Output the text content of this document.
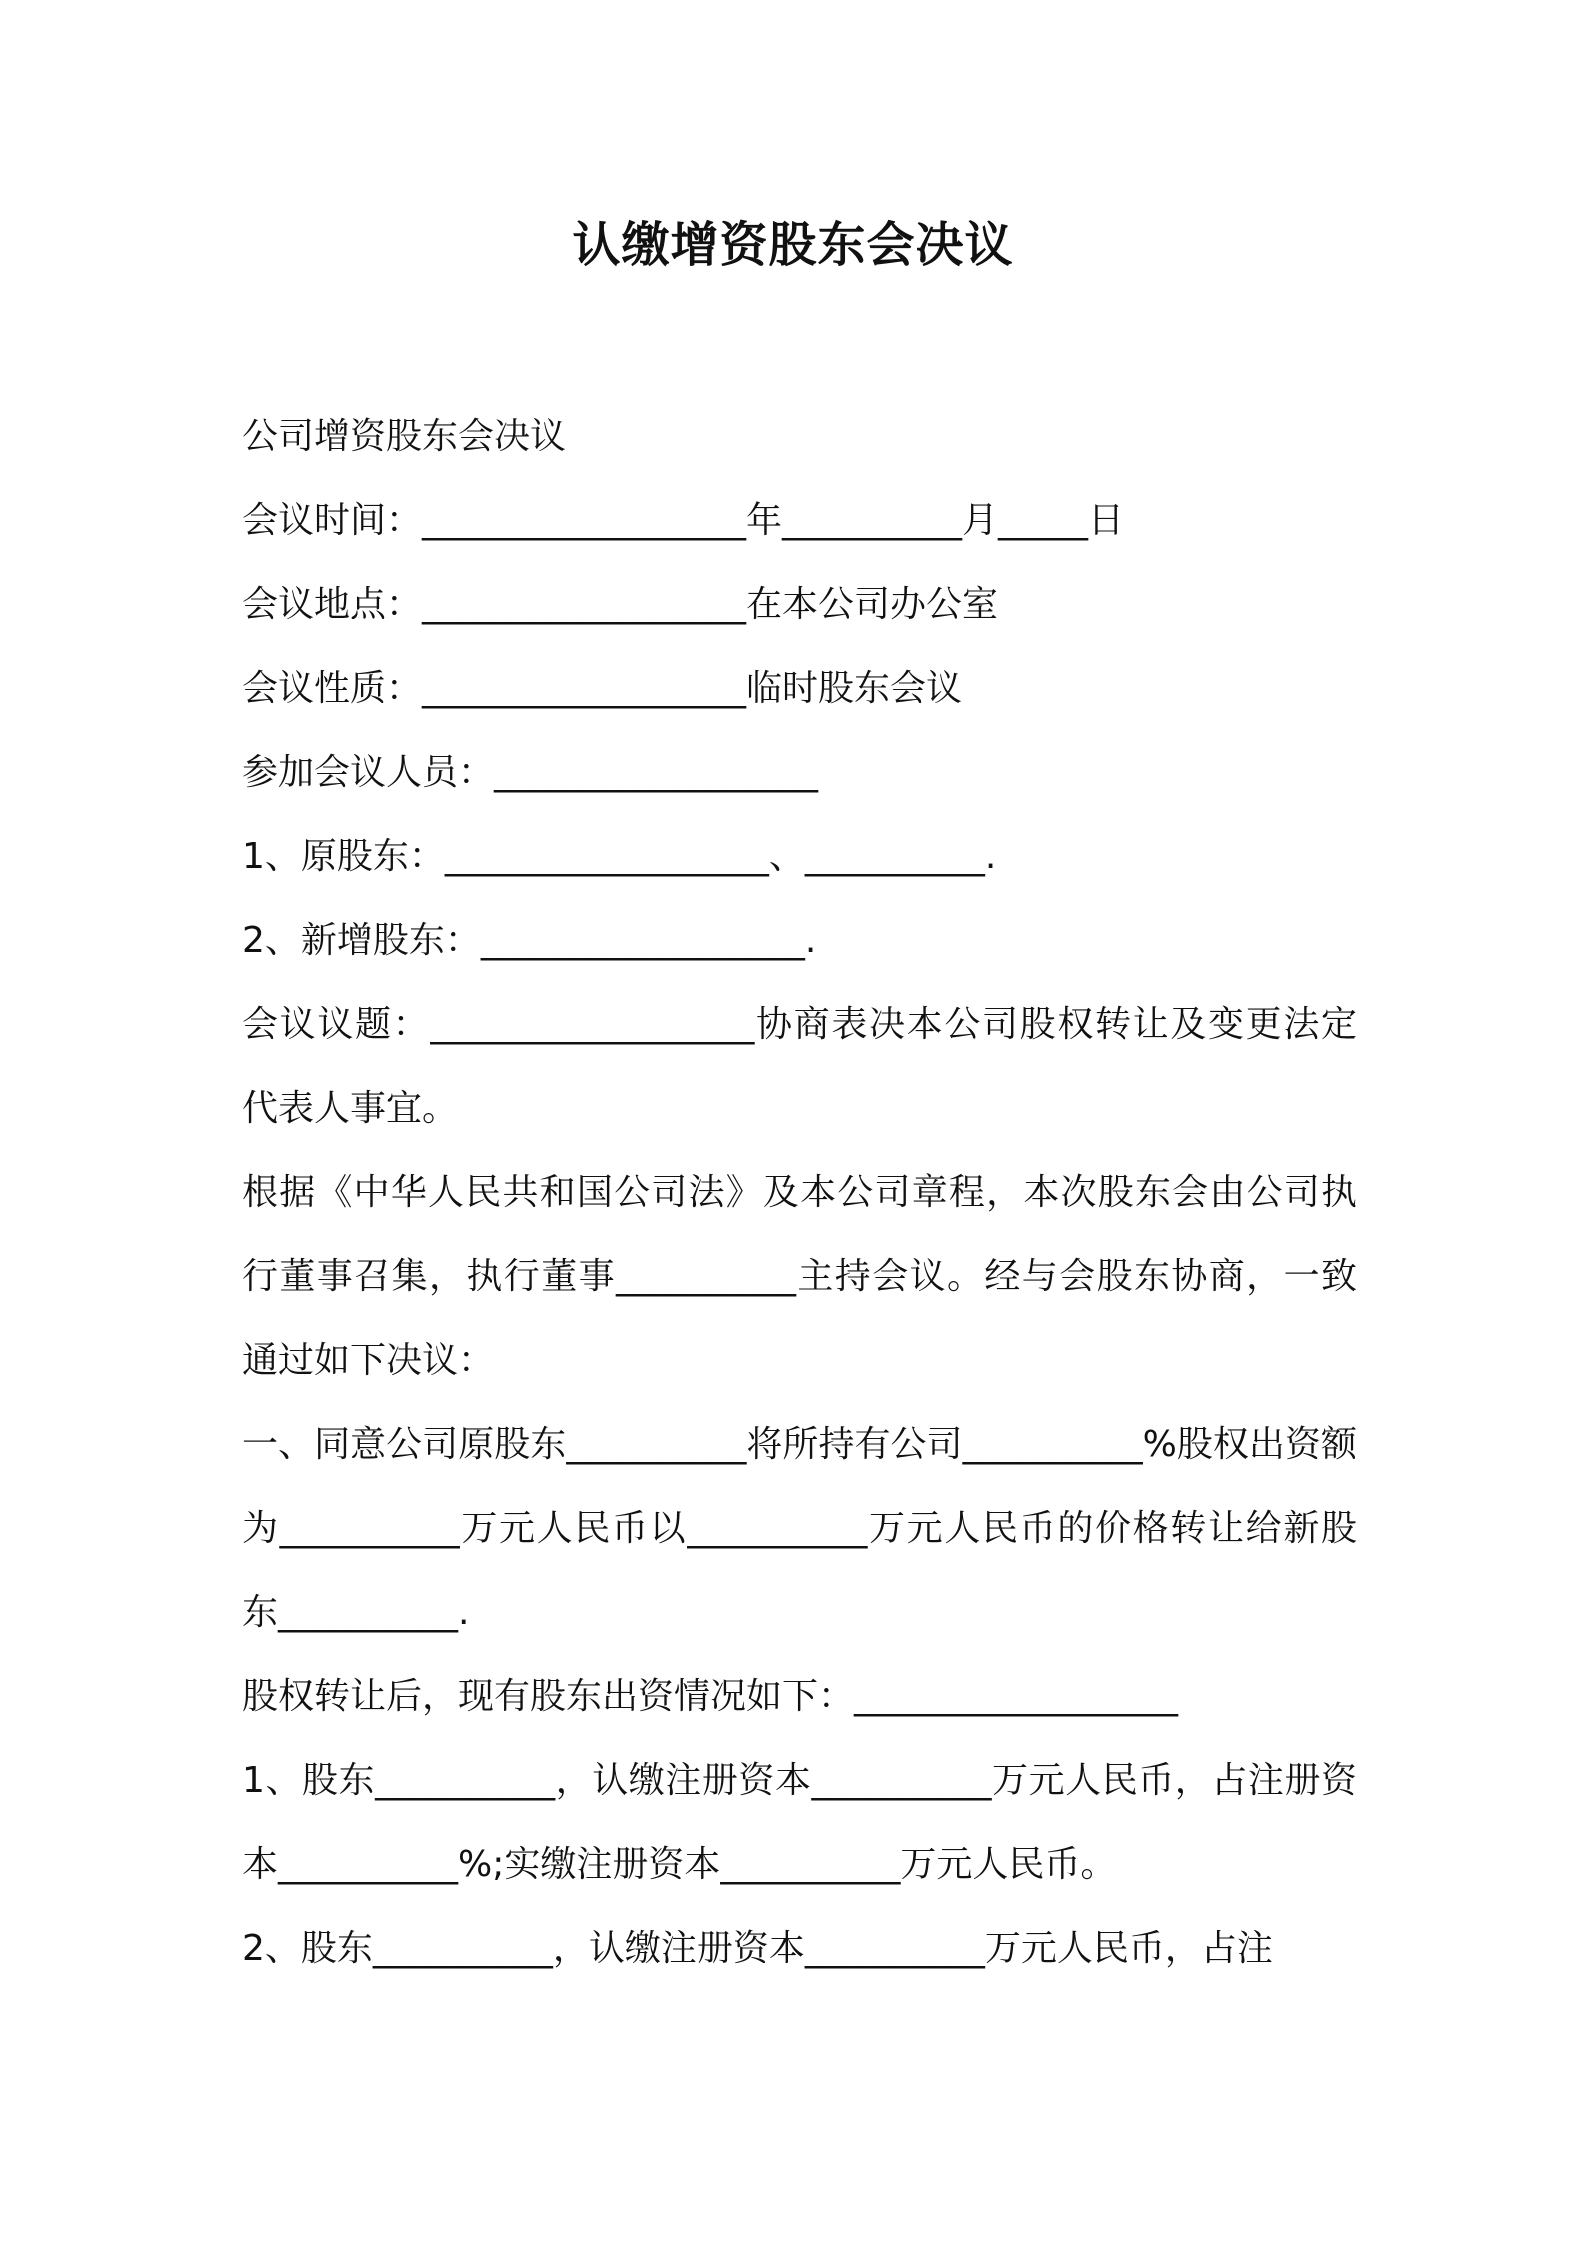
认缴增资股东会决议

公司增资股东会决议

会议时间：__________________年__________月_____日

会议地点：__________________在本公司办公室

会议性质：__________________临时股东会议

参加会议人员：__________________

1、原股东：__________________、__________.

2、新增股东：__________________.

会议议题：__________________协商表决本公司股权转让及变更法定代表人事宜。

根据《中华人民共和国公司法》及本公司章程，本次股东会由公司执行董事召集，执行董事__________主持会议。经与会股东协商，一致通过如下决议：

一、同意公司原股东__________将所持有公司__________%股权出资额为__________万元人民币以__________万元人民币的价格转让给新股东__________.

股权转让后，现有股东出资情况如下：__________________

1、股东__________，认缴注册资本__________万元人民币，占注册资本__________%;实缴注册资本__________万元人民币。

2、股东__________，认缴注册资本__________万元人民币，占注
